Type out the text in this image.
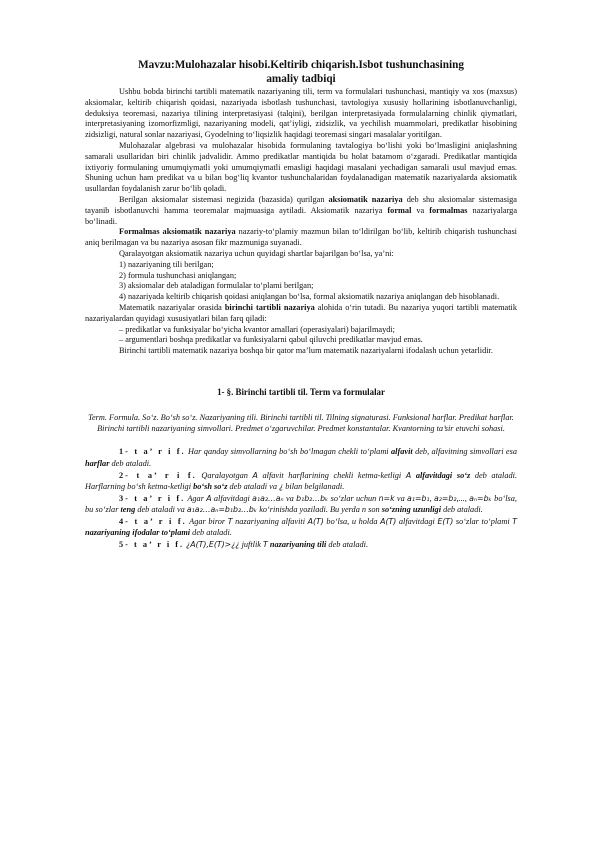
Mavzu:Mulohazalar hisobi.Keltirib chiqarish.Isbot tushunchasining
amaliy tadbiqi

Ushbu bobda birinchi tartibli matematik nazariyaning tili, term va formulalari tushunchasi, mantiqiy va xos (maxsus) aksiomalar, keltirib chiqarish qoidasi, nazariyada isbotlash tushunchasi, tavtologiya xususiy hollarining isbotlanuvchanligi, deduksiya teoremasi, nazariya tilining interpretasiyasi (talqini), berilgan interpretasiyada formulalarning chinlik qiymatlari, interpretasiyaning izomorfizmligi, nazariyaning modeli, qat’iyligi, zidsizlik, va yechilish muammolari, predikatlar hisobining zidsizligi, natural sonlar nazariyasi, Gyodelning to‘liqsizlik haqidagi teoremasi singari masalalar yoritilgan.

Mulohazalar algebrasi va mulohazalar hisobida formulaning tavtalogiya bo‘lishi yoki bo‘lmasligini aniqlashning samarali usullaridan biri chinlik jadvalidir. Ammo predikatlar mantiqida bu holat batamom o‘zgaradi. Predikatlar mantiqida ixtiyoriy formulaning umumqiymatli yoki umumqiymatli emasligi haqidagi masalani yechadigan samarali usul mavjud emas. Shuning uchun ham predikat va u bilan bog‘liq kvantor tushunchalaridan foydalanadigan matematik nazariyalarda aksiomatik usullardan foydalanish zarur bo‘lib qoladi.

Berilgan aksiomalar sistemasi negizida (bazasida) qurilgan aksiomatik nazariya deb shu aksiomalar sistemasiga tayanib isbotlanuvchi hamma teoremalar majmuasiga aytiladi. Aksiomatik nazariya formal va formalmas nazariyalarga bo‘linadi.

Formalmas aksiomatik nazariya nazariy-to‘plamiy mazmun bilan to‘ldirilgan bo‘lib, keltirib chiqarish tushunchasi aniq berilmagan va bu nazariya asosan fikr mazmuniga suyanadi.

Qaralayotgan aksiomatik nazariya uchun quyidagi shartlar bajarilgan bo‘lsa, ya’ni:

1) nazariyaning tili berilgan;

2) formula tushunchasi aniqlangan;

3) aksiomalar deb ataladigan formulalar to‘plami berilgan;

4) nazariyada keltirib chiqarish qoidasi aniqlangan bo‘lsa, formal aksiomatik nazariya aniqlangan deb hisoblanadi.

Matematik nazariyalar orasida birinchi tartibli nazariya alohida o‘rin tutadi. Bu nazariya yuqori tartibli matematik nazariyalardan quyidagi xususiyatlari bilan farq qiladi:

– predikatlar va funksiyalar bo‘yicha kvantor amallari (operasiyalari) bajarilmaydi;

– argumentlari boshqa predikatlar va funksiyalarni qabul qiluvchi predikatlar mavjud emas.

Birinchi tartibli matematik nazariya boshqa bir qator ma’lum matematik nazariyalarni ifodalash uchun yetarlidir.

1- §. Birinchi tartibli til. Term va formulalar

Term. Formula. So‘z. Bo‘sh so‘z. Nazariyaning tili. Birinchi tartibli til. Tilning signaturasi. Funksional harflar. Predikat harflar. Birinchi tartibli nazariyaning simvollari. Predmet o‘zgaruvchilar. Predmet konstantalar. Kvantorning ta’sir etuvchi sohasi.

1- t a’ r i f. Har qanday simvollarning bo‘sh bo‘lmagan chekli to‘plami alfavit deb, alfavitning simvollari esa harflar deb ataladi.

2- t a’ r i f. Qaralayotgan A alfavit harflarining chekli ketma-ketligi A alfavitdagi so‘z deb ataladi. Harflarning bo‘sh ketma-ketligi bo‘sh so‘z deb ataladi va ¿ bilan belgilanadi.

3- t a’ r i f. Agar A alfavitdagi a₁a₂…aₙ va b₁b₂…bₖ so‘zlar uchun n=k va a₁=b₁, a₂=b₂,..., aₙ=bₖ bo‘lsa, bu so‘zlar teng deb ataladi va a₁a₂…aₙ=b₁b₂…bₖ ko‘rinishda yoziladi. Bu yerda n son so‘zning uzunligi deb ataladi.

4- t a’ r i f. Agar biror T nazariyaning alfaviti A(T) bo‘lsa, u holda A(T) alfavitdagi E(T) so‘zlar to‘plami T nazariyaning ifodalar to‘plami deb ataladi.

5- t a’ r i f. ¿A(T),E(T)>¿¿ juftlik T nazariyaning tili deb ataladi.
